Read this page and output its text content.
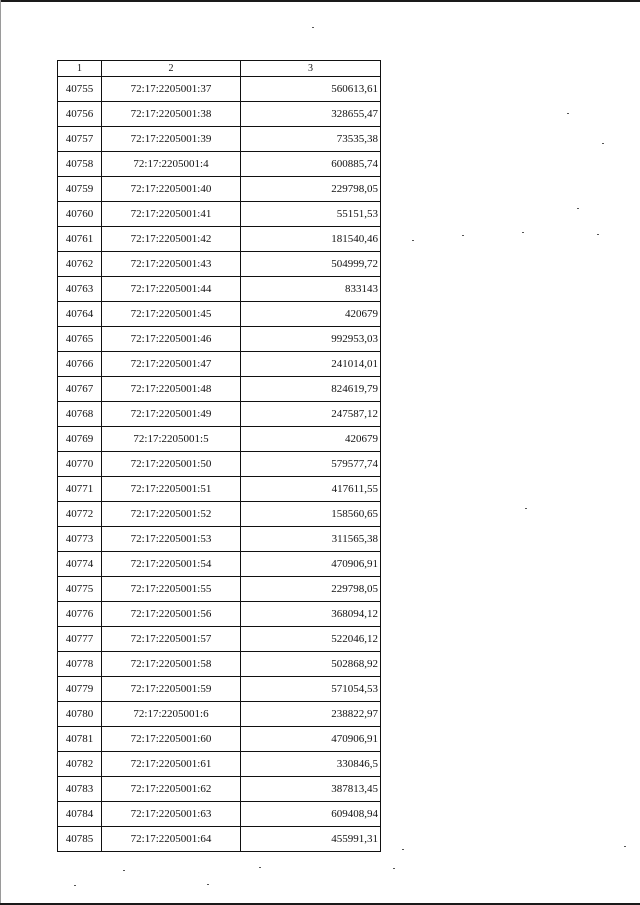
1	2	3
40755	72:17:2205001:37	560613,61
40756	72:17:2205001:38	328655,47
40757	72:17:2205001:39	73535,38
40758	72:17:2205001:4	600885,74
40759	72:17:2205001:40	229798,05
40760	72:17:2205001:41	55151,53
40761	72:17:2205001:42	181540,46
40762	72:17:2205001:43	504999,72
40763	72:17:2205001:44	833143
40764	72:17:2205001:45	420679
40765	72:17:2205001:46	992953,03
40766	72:17:2205001:47	241014,01
40767	72:17:2205001:48	824619,79
40768	72:17:2205001:49	247587,12
40769	72:17:2205001:5	420679
40770	72:17:2205001:50	579577,74
40771	72:17:2205001:51	417611,55
40772	72:17:2205001:52	158560,65
40773	72:17:2205001:53	311565,38
40774	72:17:2205001:54	470906,91
40775	72:17:2205001:55	229798,05
40776	72:17:2205001:56	368094,12
40777	72:17:2205001:57	522046,12
40778	72:17:2205001:58	502868,92
40779	72:17:2205001:59	571054,53
40780	72:17:2205001:6	238822,97
40781	72:17:2205001:60	470906,91
40782	72:17:2205001:61	330846,5
40783	72:17:2205001:62	387813,45
40784	72:17:2205001:63	609408,94
40785	72:17:2205001:64	455991,31
